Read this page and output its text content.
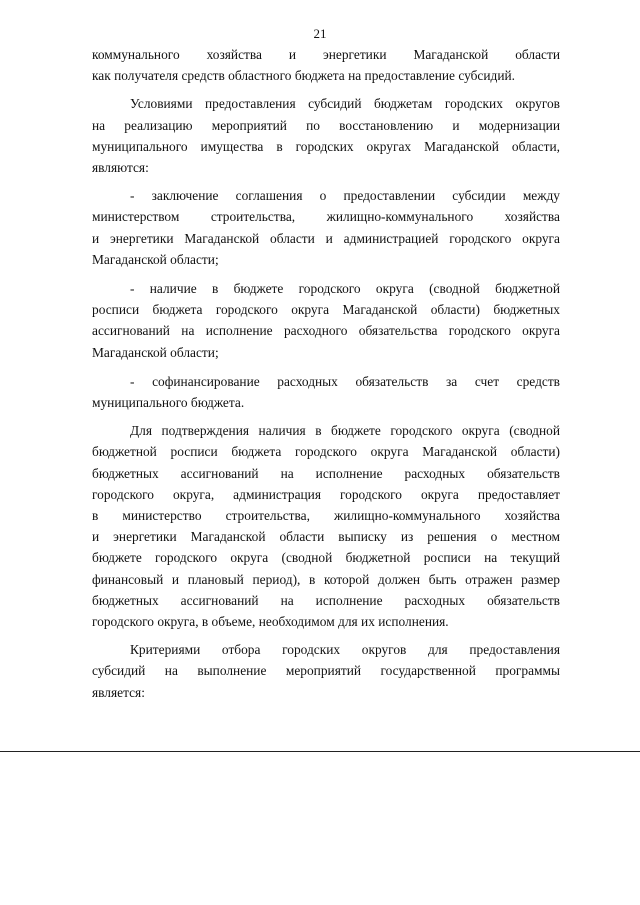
21

коммунального хозяйства и энергетики Магаданской области

как получателя средств областного бюджета на предоставление субсидий.

Условиями предоставления субсидий бюджетам городских округов

на реализацию мероприятий по восстановлению и модернизации

муниципального имущества в городских округах Магаданской области,

являются:

- заключение соглашения о предоставлении субсидии между

министерством строительства, жилищно-коммунального хозяйства

и энергетики Магаданской области и администрацией городского округа

Магаданской области;

- наличие в бюджете городского округа (сводной бюджетной

росписи бюджета городского округа Магаданской области) бюджетных

ассигнований на исполнение расходного обязательства городского округа

Магаданской области;

- софинансирование расходных обязательств за счет средств

муниципального бюджета.

Для подтверждения наличия в бюджете городского округа (сводной

бюджетной росписи бюджета городского округа Магаданской области)

бюджетных ассигнований на исполнение расходных обязательств

городского округа, администрация городского округа предоставляет

в министерство строительства, жилищно-коммунального хозяйства

и энергетики Магаданской области выписку из решения о местном

бюджете городского округа (сводной бюджетной росписи на текущий

финансовый и плановый период), в которой должен быть отражен размер

бюджетных ассигнований на исполнение расходных обязательств

городского округа, в объеме, необходимом для их исполнения.

Критериями отбора городских округов для предоставления

субсидий на выполнение мероприятий государственной программы

является:
